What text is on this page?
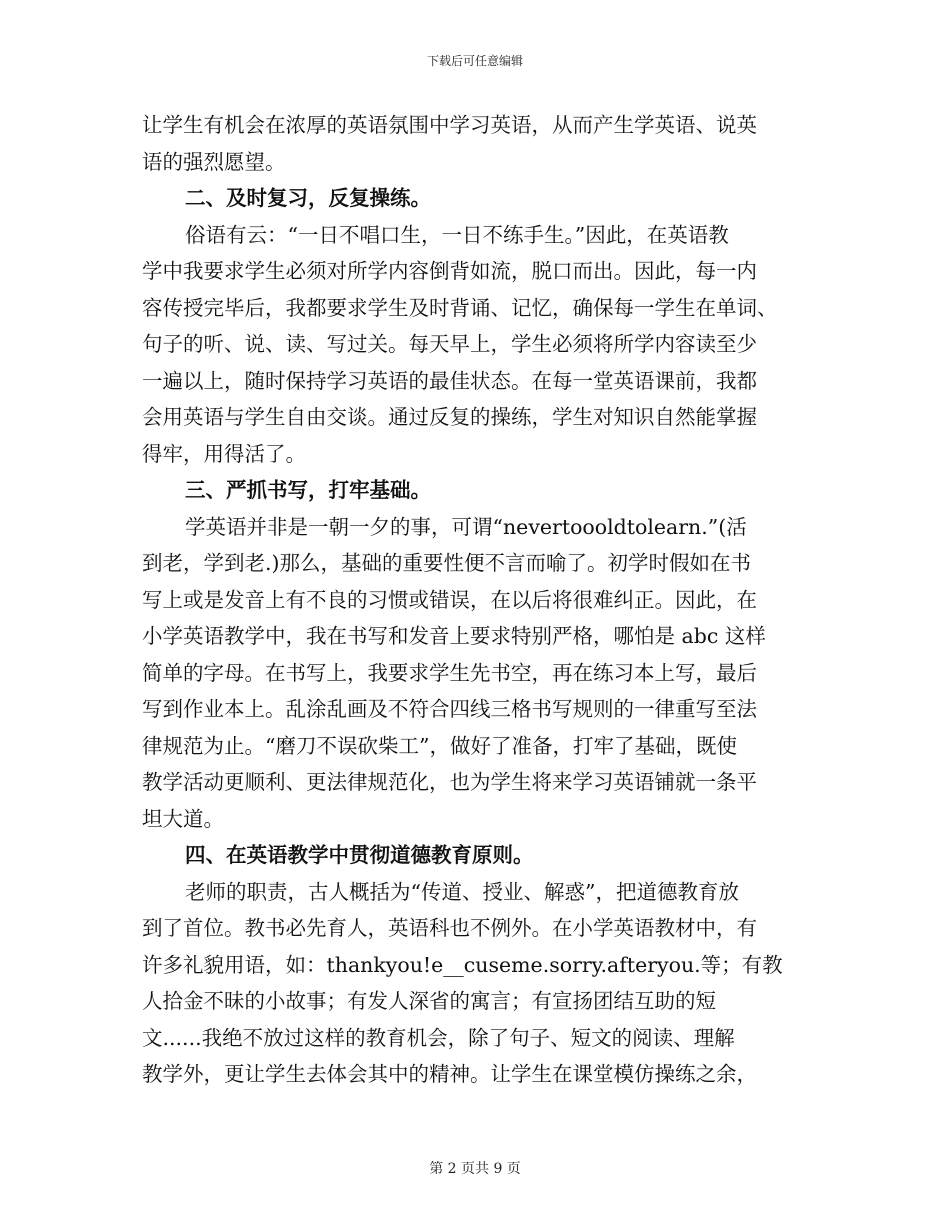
下载后可任意编辑
让学生有机会在浓厚的英语氛围中学习英语，从而产生学英语、说英
语的强烈愿望。
二、及时复习，反复操练。
俗语有云：“一日不唱口生，一日不练手生。”因此，在英语教
学中我要求学生必须对所学内容倒背如流，脱口而出。因此，每一内
容传授完毕后，我都要求学生及时背诵、记忆，确保每一学生在单词、
句子的听、说、读、写过关。每天早上，学生必须将所学内容读至少
一遍以上，随时保持学习英语的最佳状态。在每一堂英语课前，我都
会用英语与学生自由交谈。通过反复的操练，学生对知识自然能掌握
得牢，用得活了。
三、严抓书写，打牢基础。
学英语并非是一朝一夕的事，可谓“nevertoooldtolearn.”(活
到老，学到老.)那么，基础的重要性便不言而喻了。初学时假如在书
写上或是发音上有不良的习惯或错误，在以后将很难纠正。因此，在
小学英语教学中，我在书写和发音上要求特别严格，哪怕是 abc 这样
简单的字母。在书写上，我要求学生先书空，再在练习本上写，最后
写到作业本上。乱涂乱画及不符合四线三格书写规则的一律重写至法
律规范为止。“磨刀不误砍柴工”，做好了准备，打牢了基础，既使
教学活动更顺利、更法律规范化，也为学生将来学习英语铺就一条平
坦大道。
四、在英语教学中贯彻道德教育原则。
老师的职责，古人概括为“传道、授业、解惑”，把道德教育放
到了首位。教书必先育人，英语科也不例外。在小学英语教材中，有
许多礼貌用语，如：thankyou!e__cuseme.sorry.afteryou.等；有教
人拾金不昧的小故事；有发人深省的寓言；有宣扬团结互助的短
文......我绝不放过这样的教育机会，除了句子、短文的阅读、理解
教学外，更让学生去体会其中的精神。让学生在课堂模仿操练之余，
第 2 页共 9 页
